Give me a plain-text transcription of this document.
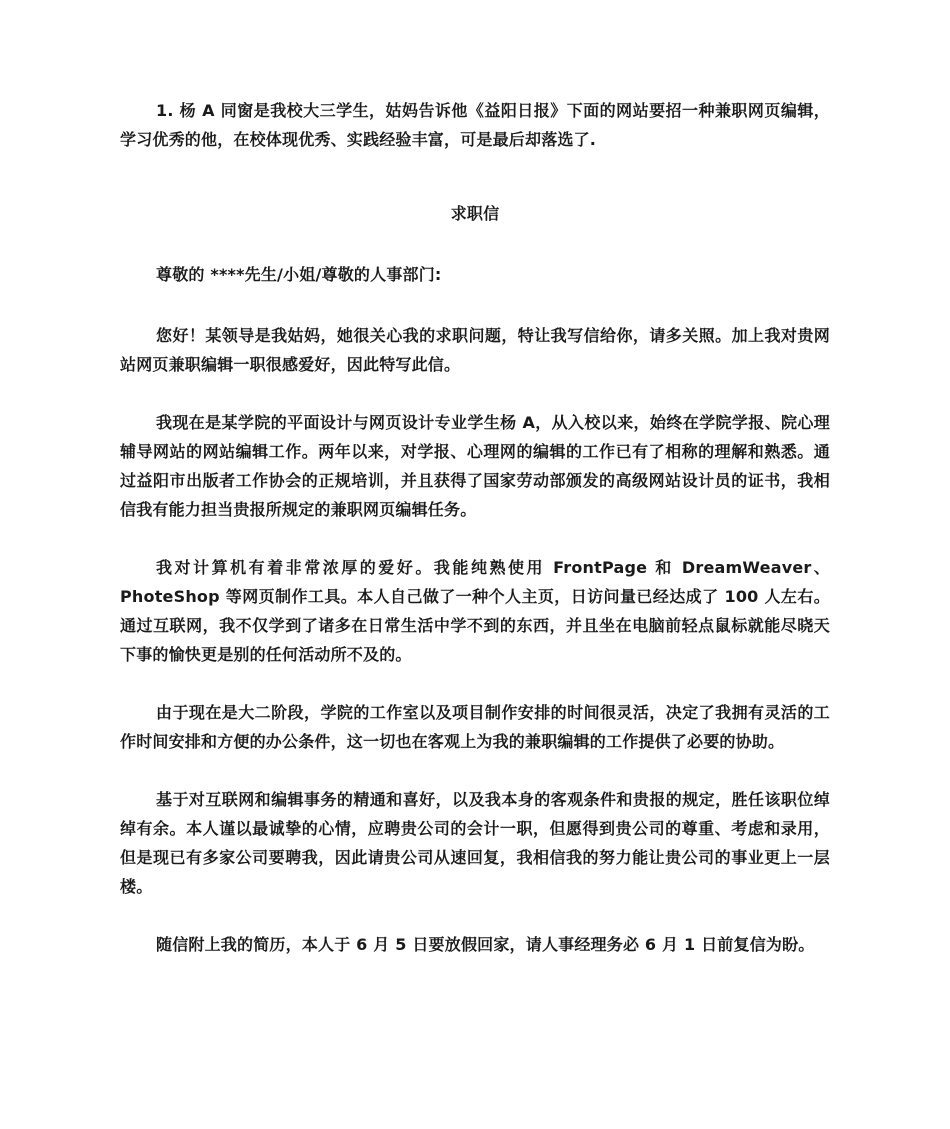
1. 杨 A 同窗是我校大三学生，姑妈告诉他《益阳日报》下面的网站要招一种兼职网页编辑，学习优秀的他，在校体现优秀、实践经验丰富，可是最后却落选了.

求职信

尊敬的 ****先生/小姐/尊敬的人事部门:

您好！某领导是我姑妈，她很关心我的求职问题，特让我写信给你，请多关照。加上我对贵网站网页兼职编辑一职很感爱好，因此特写此信。

我现在是某学院的平面设计与网页设计专业学生杨 A，从入校以来，始终在学院学报、院心理辅导网站的网站编辑工作。两年以来，对学报、心理网的编辑的工作已有了相称的理解和熟悉。通过益阳市出版者工作协会的正规培训，并且获得了国家劳动部颁发的高级网站设计员的证书，我相信我有能力担当贵报所规定的兼职网页编辑任务。

我对计算机有着非常浓厚的爱好。我能纯熟使用 FrontPage 和 DreamWeaver、PhoteShop 等网页制作工具。本人自己做了一种个人主页，日访问量已经达成了 100 人左右。通过互联网，我不仅学到了诸多在日常生活中学不到的东西，并且坐在电脑前轻点鼠标就能尽晓天下事的愉快更是别的任何活动所不及的。

由于现在是大二阶段，学院的工作室以及项目制作安排的时间很灵活，决定了我拥有灵活的工作时间安排和方便的办公条件，这一切也在客观上为我的兼职编辑的工作提供了必要的协助。

基于对互联网和编辑事务的精通和喜好，以及我本身的客观条件和贵报的规定，胜任该职位绰绰有余。本人谨以最诚挚的心情，应聘贵公司的会计一职，但愿得到贵公司的尊重、考虑和录用，但是现已有多家公司要聘我，因此请贵公司从速回复，我相信我的努力能让贵公司的事业更上一层楼。

随信附上我的简历，本人于 6 月 5 日要放假回家，请人事经理务必 6 月 1 日前复信为盼。
